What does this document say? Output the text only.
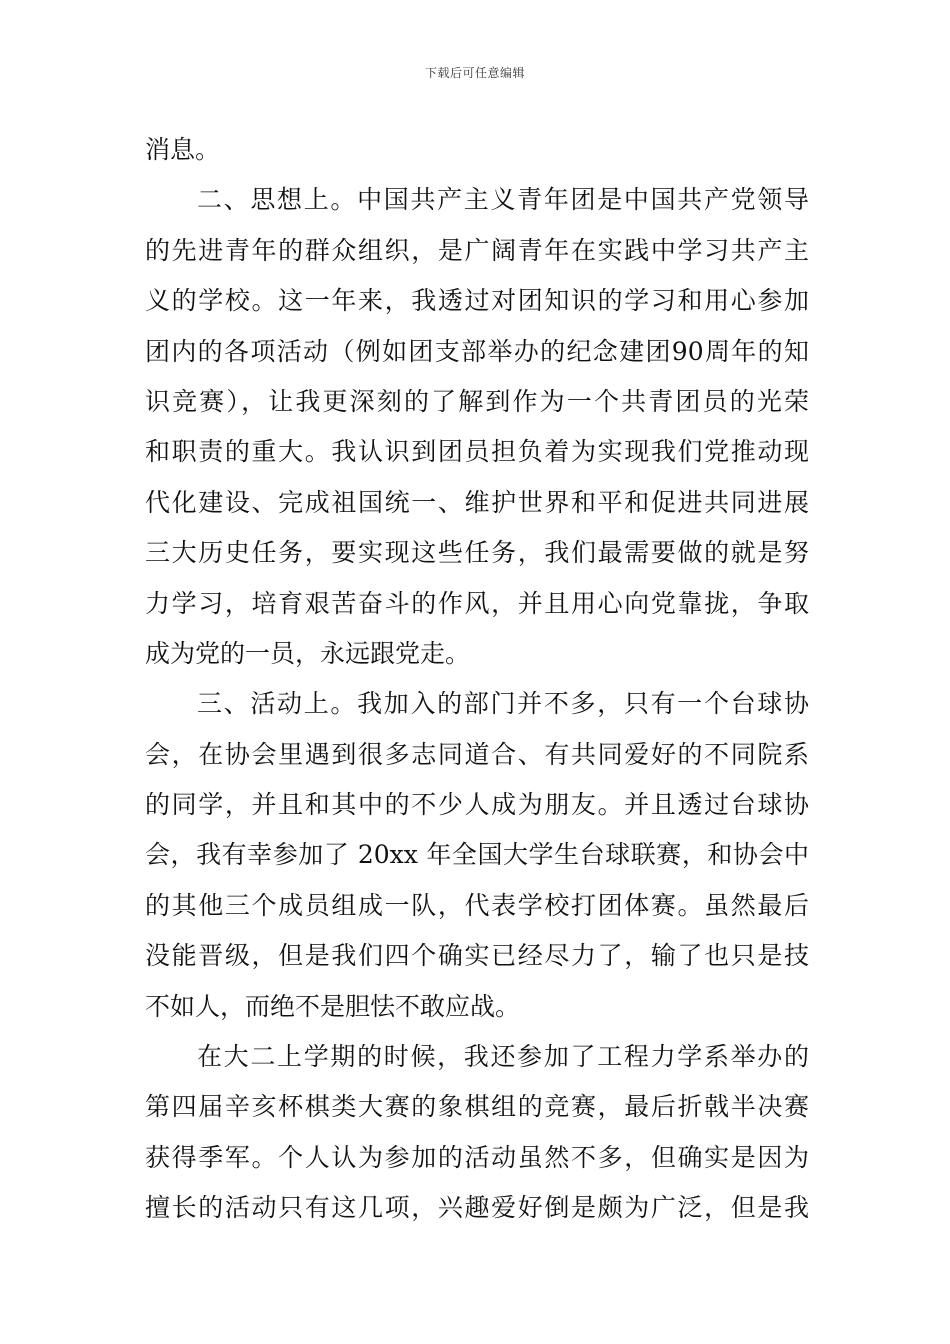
下载后可任意编辑
消息。
二、思想上。中国共产主义青年团是中国共产党领导
的先进青年的群众组织，是广阔青年在实践中学习共产主
义的学校。这一年来，我透过对团知识的学习和用心参加
团内的各项活动（例如团支部举办的纪念建团90周年的知
识竞赛），让我更深刻的了解到作为一个共青团员的光荣
和职责的重大。我认识到团员担负着为实现我们党推动现
代化建设、完成祖国统一、维护世界和平和促进共同进展
三大历史任务，要实现这些任务，我们最需要做的就是努
力学习，培育艰苦奋斗的作风，并且用心向党靠拢，争取
成为党的一员，永远跟党走。
三、活动上。我加入的部门并不多，只有一个台球协
会，在协会里遇到很多志同道合、有共同爱好的不同院系
的同学，并且和其中的不少人成为朋友。并且透过台球协
会，我有幸参加了 20xx 年全国大学生台球联赛，和协会中
的其他三个成员组成一队，代表学校打团体赛。虽然最后
没能晋级，但是我们四个确实已经尽力了，输了也只是技
不如人，而绝不是胆怯不敢应战。
在大二上学期的时候，我还参加了工程力学系举办的
第四届辛亥杯棋类大赛的象棋组的竞赛，最后折戟半决赛
获得季军。个人认为参加的活动虽然不多，但确实是因为
擅长的活动只有这几项，兴趣爱好倒是颇为广泛，但是我
